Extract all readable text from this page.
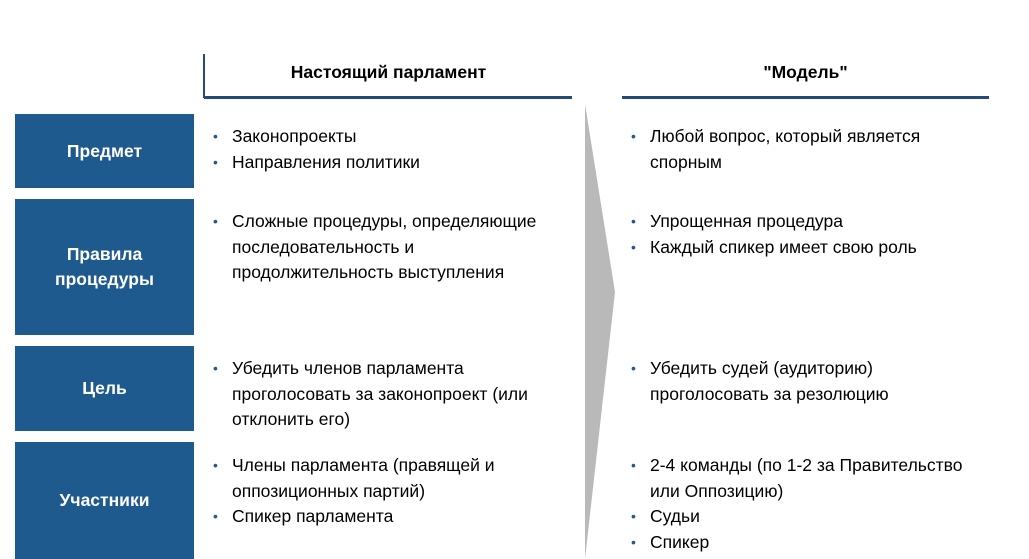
Настоящий парламент	"Модель"
Предмет
• Законопроекты
• Направления политики
• Любой вопрос, который является спорным
Правила процедуры
• Сложные процедуры, определяющие последовательность и продолжительность выступления
• Упрощенная процедура
• Каждый спикер имеет свою роль
Цель
• Убедить членов парламента проголосовать за законопроект (или отклонить его)
• Убедить судей (аудиторию) проголосовать за резолюцию
Участники
• Члены парламента (правящей и оппозиционных партий)
• Спикер парламента
• 2-4 команды (по 1-2 за Правительство или Оппозицию)
• Судьи
• Спикер
